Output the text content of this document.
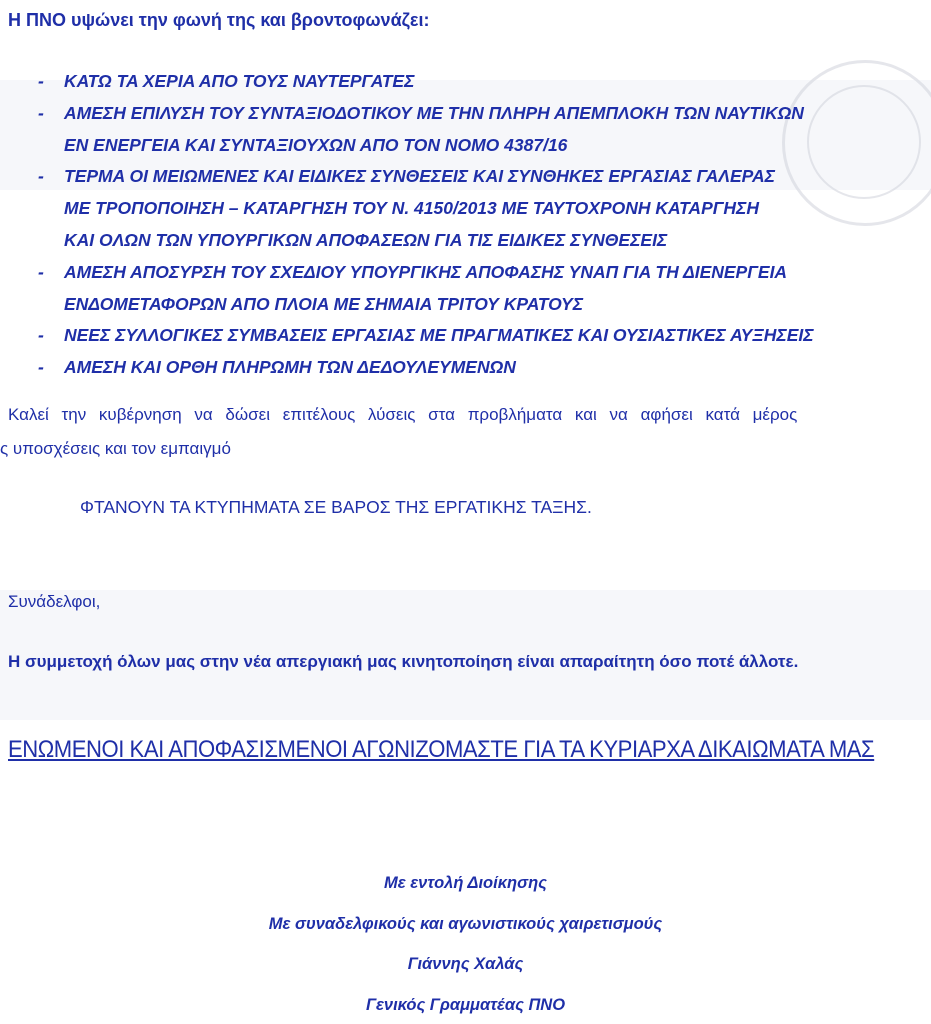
Η ΠΝΟ υψώνει την φωνή της και βροντοφωνάζει:
- ΚΑΤΩ ΤΑ ΧΕΡΙΑ ΑΠΟ ΤΟΥΣ ΝΑΥΤΕΡΓΑΤΕΣ
- ΑΜΕΣΗ ΕΠΙΛΥΣΗ ΤΟΥ ΣΥΝΤΑΞΙΟΔΟΤΙΚΟΥ ΜΕ ΤΗΝ ΠΛΗΡΗ ΑΠΕΜΠΛΟΚΗ ΤΩΝ ΝΑΥΤΙΚΩΝ
ΕΝ ΕΝΕΡΓΕΙΑ ΚΑΙ ΣΥΝΤΑΞΙΟΥΧΩΝ ΑΠΟ ΤΟΝ ΝΟΜΟ 4387/16
- ΤΕΡΜΑ ΟΙ ΜΕΙΩΜΕΝΕΣ ΚΑΙ ΕΙΔΙΚΕΣ ΣΥΝΘΕΣΕΙΣ ΚΑΙ ΣΥΝΘΗΚΕΣ ΕΡΓΑΣΙΑΣ ΓΑΛΕΡΑΣ
ΜΕ ΤΡΟΠΟΠΟΙΗΣΗ – ΚΑΤΑΡΓΗΣΗ ΤΟΥ Ν. 4150/2013 ΜΕ ΤΑΥΤΟΧΡΟΝΗ ΚΑΤΑΡΓΗΣΗ
ΚΑΙ ΟΛΩΝ ΤΩΝ ΥΠΟΥΡΓΙΚΩΝ ΑΠΟΦΑΣΕΩΝ ΓΙΑ ΤΙΣ ΕΙΔΙΚΕΣ ΣΥΝΘΕΣΕΙΣ
- ΑΜΕΣΗ ΑΠΟΣΥΡΣΗ ΤΟΥ ΣΧΕΔΙΟΥ ΥΠΟΥΡΓΙΚΗΣ ΑΠΟΦΑΣΗΣ ΥΝΑΠ ΓΙΑ ΤΗ ΔΙΕΝΕΡΓΕΙΑ
ΕΝΔΟΜΕΤΑΦΟΡΩΝ ΑΠΟ ΠΛΟΙΑ ΜΕ ΣΗΜΑΙΑ ΤΡΙΤΟΥ ΚΡΑΤΟΥΣ
- ΝΕΕΣ ΣΥΛΛΟΓΙΚΕΣ ΣΥΜΒΑΣΕΙΣ ΕΡΓΑΣΙΑΣ ΜΕ ΠΡΑΓΜΑΤΙΚΕΣ ΚΑΙ ΟΥΣΙΑΣΤΙΚΕΣ ΑΥΞΗΣΕΙΣ
- ΑΜΕΣΗ ΚΑΙ ΟΡΘΗ ΠΛΗΡΩΜΗ ΤΩΝ ΔΕΔΟΥΛΕΥΜΕΝΩΝ
Καλεί την κυβέρνηση να δώσει επιτέλους λύσεις στα προβλήματα και να αφήσει κατά μέρος
ς υποσχέσεις και τον εμπαιγμό
ΦΤΑΝΟΥΝ ΤΑ ΚΤΥΠΗΜΑΤΑ ΣΕ ΒΑΡΟΣ ΤΗΣ ΕΡΓΑΤΙΚΗΣ ΤΑΞΗΣ.
Συνάδελφοι,
Η συμμετοχή όλων μας στην νέα απεργιακή μας κινητοποίηση είναι απαραίτητη όσο ποτέ άλλοτε.
ΕΝΩΜΕΝΟΙ ΚΑΙ ΑΠΟΦΑΣΙΣΜΕΝΟΙ ΑΓΩΝΙΖΟΜΑΣΤΕ ΓΙΑ ΤΑ ΚΥΡΙΑΡΧΑ ΔΙΚΑΙΩΜΑΤΑ ΜΑΣ
Με εντολή Διοίκησης
Με συναδελφικούς και αγωνιστικούς χαιρετισμούς
Γιάννης Χαλάς
Γενικός Γραμματέας ΠΝΟ
